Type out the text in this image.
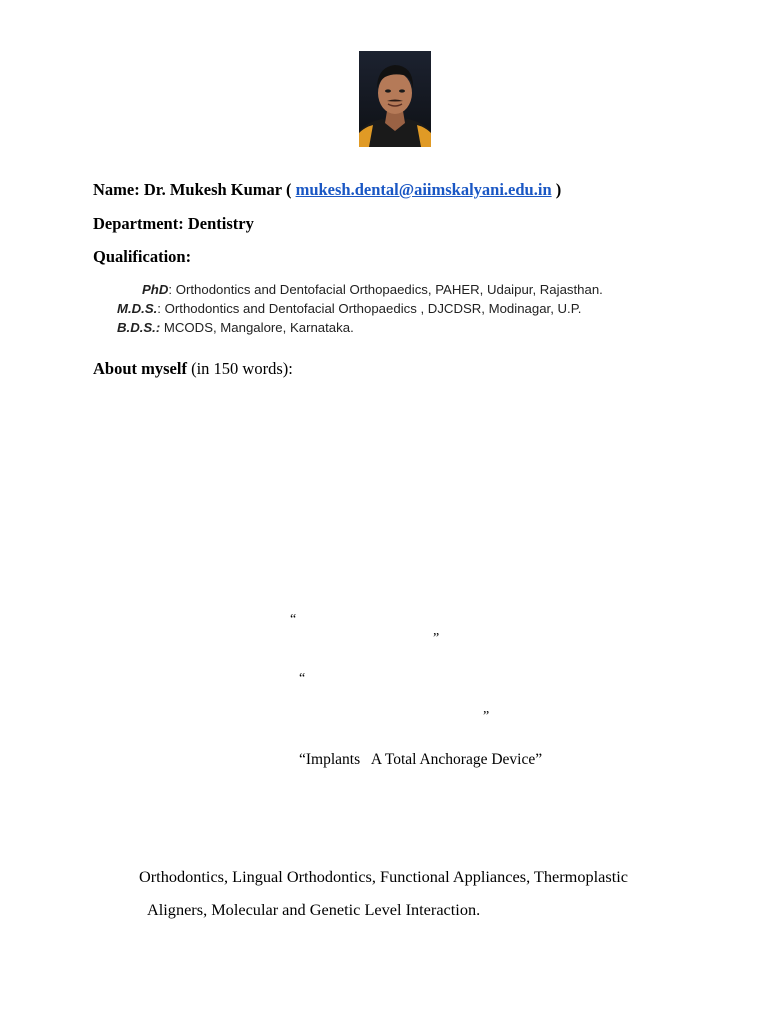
Name: Dr. Mukesh Kumar ( mukesh.dental@aiimskalyani.edu.in )
Department: Dentistry
Qualification:
PhD: Orthodontics and Dentofacial Orthopaedics, PAHER, Udaipur, Rajasthan.
M.D.S.: Orthodontics and Dentofacial Orthopaedics , DJCDSR, Modinagar, U.P.
B.D.S.: MCODS, Mangalore, Karnataka.
About myself (in 150 words):
“
”
“
”
“Implants   A Total Anchorage Device”
Orthodontics, Lingual Orthodontics, Functional Appliances, Thermoplastic
Aligners, Molecular and Genetic Level Interaction.
